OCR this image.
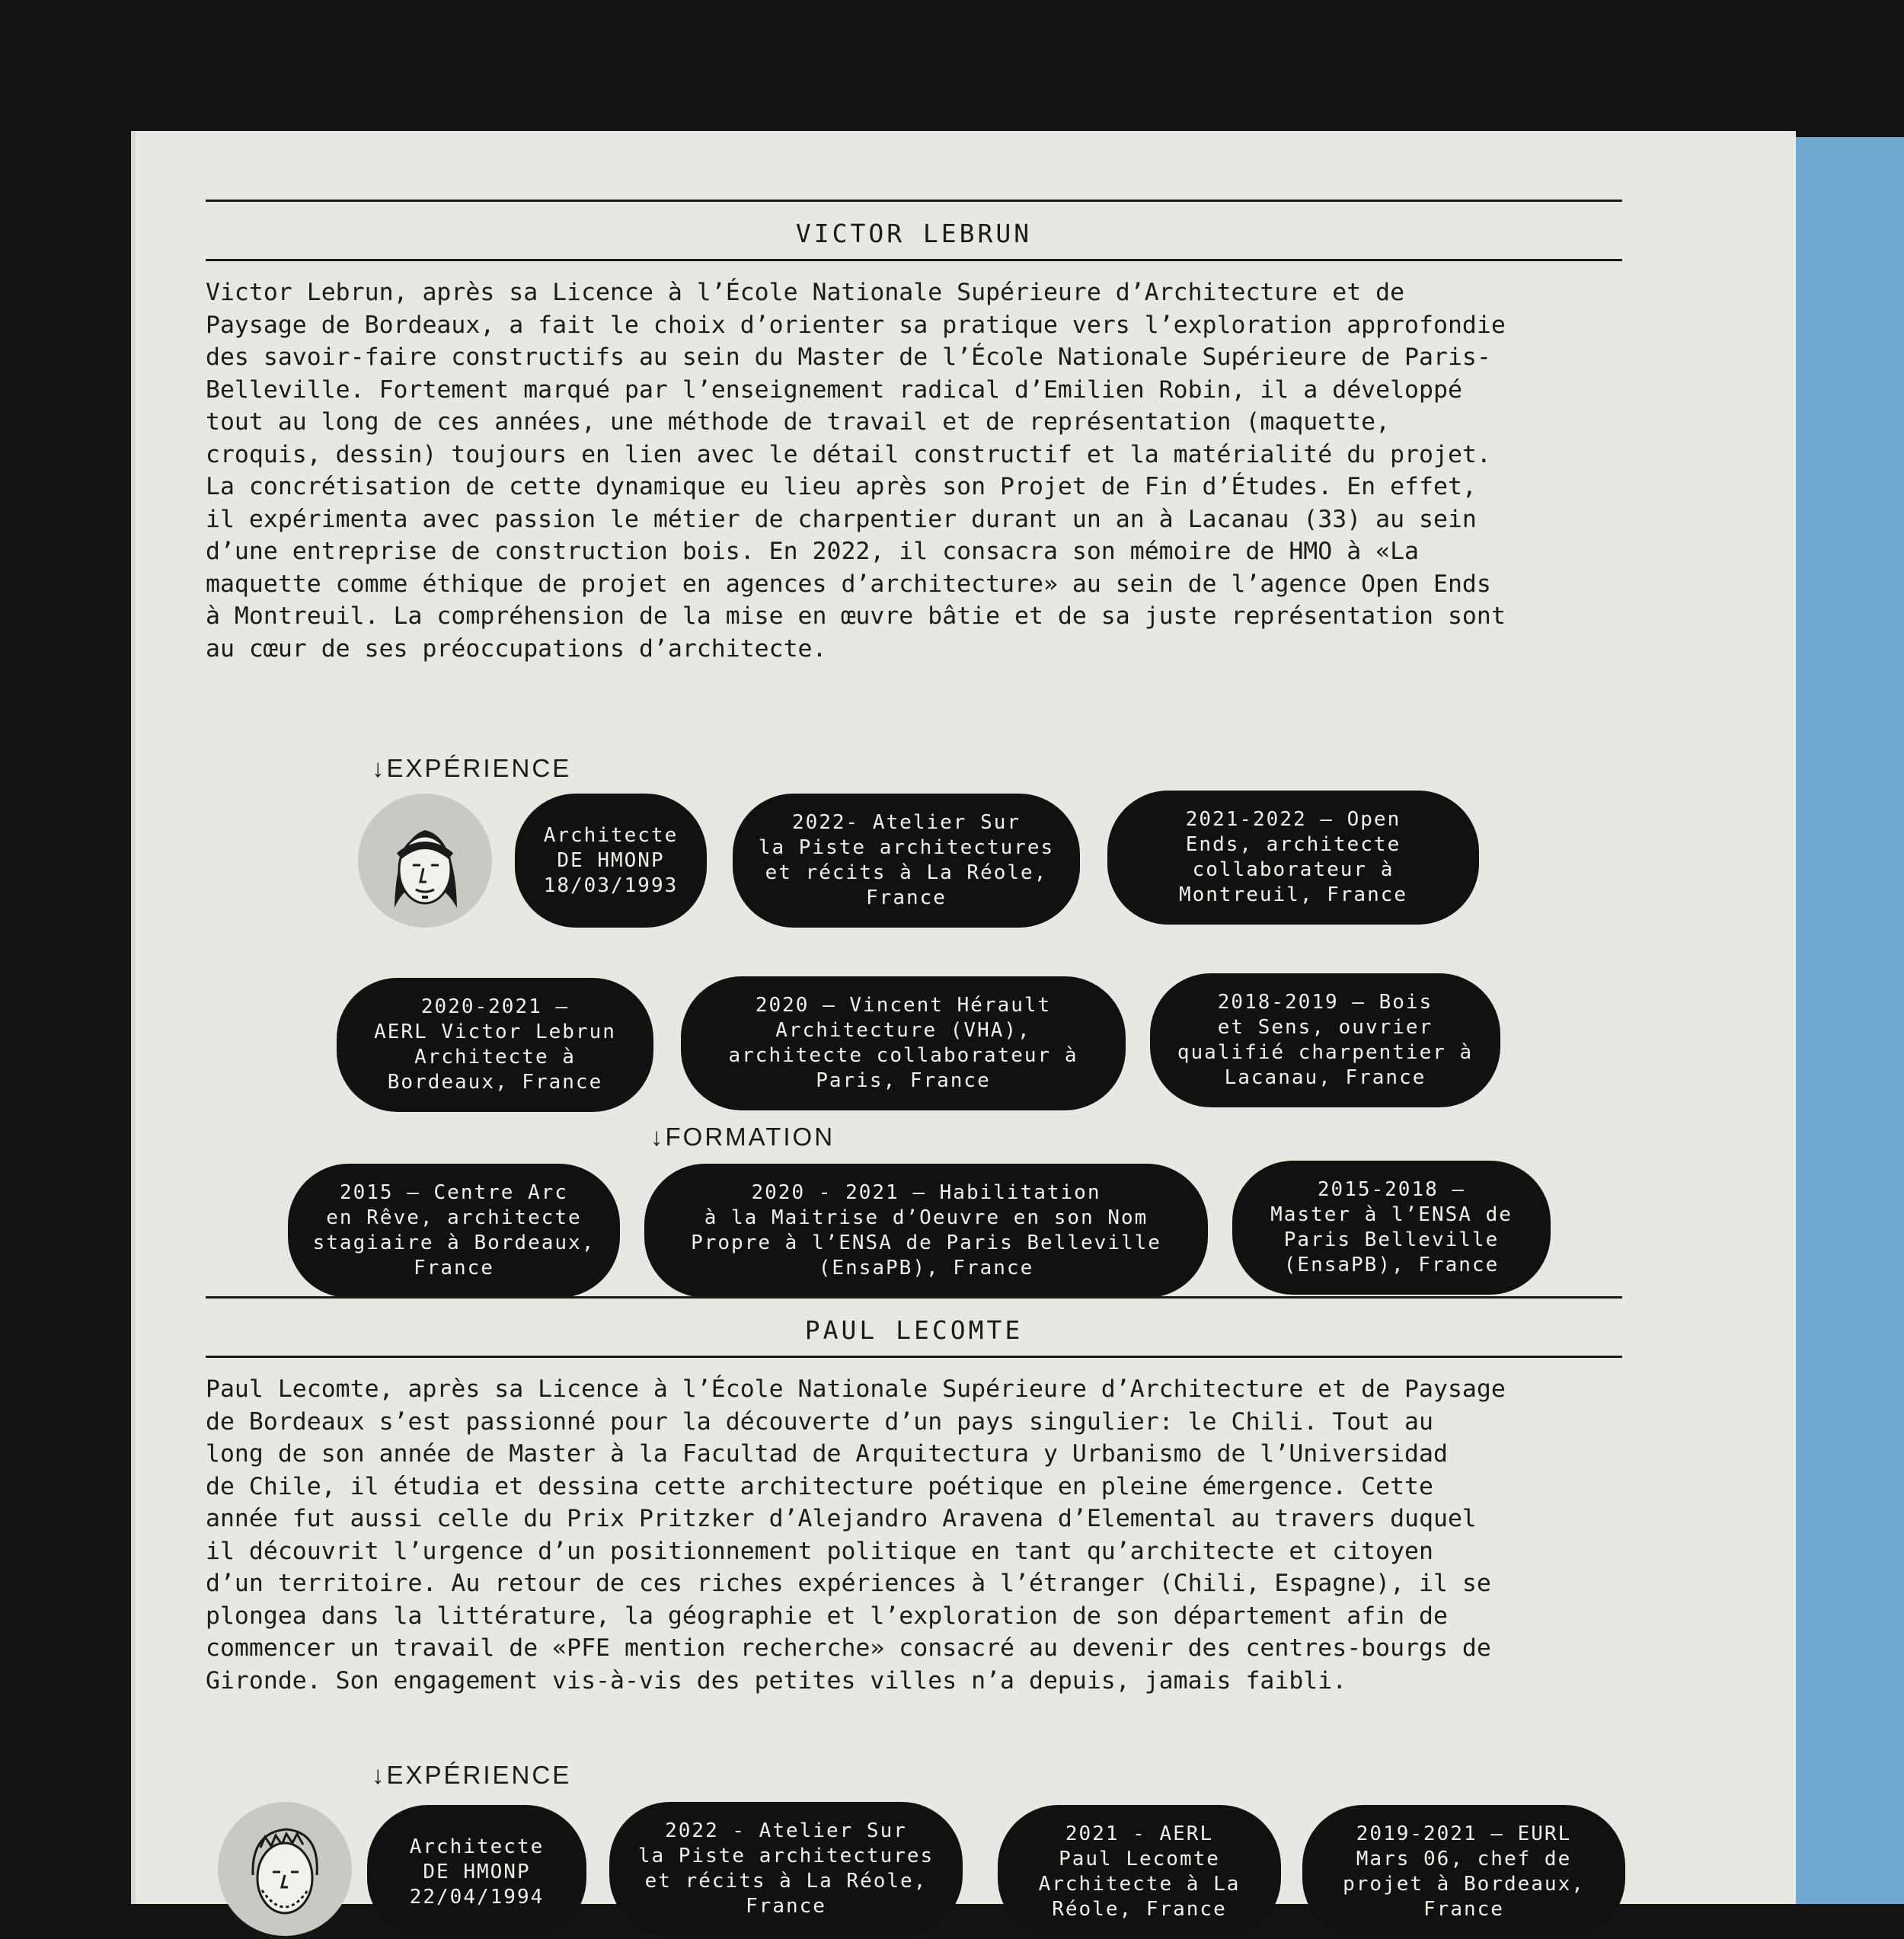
VICTOR LEBRUN
Victor Lebrun, après sa Licence à l’École Nationale Supérieure d’Architecture et de
Paysage de Bordeaux, a fait le choix d’orienter sa pratique vers l’exploration approfondie
des savoir-faire constructifs au sein du Master de l’École Nationale Supérieure de Paris-
Belleville. Fortement marqué par l’enseignement radical d’Emilien Robin, il a développé
tout au long de ces années, une méthode de travail et de représentation (maquette,
croquis, dessin) toujours en lien avec le détail constructif et la matérialité du projet.
La concrétisation de cette dynamique eu lieu après son Projet de Fin d’Études. En effet,
il expérimenta avec passion le métier de charpentier durant un an à Lacanau (33) au sein
d’une entreprise de construction bois. En 2022, il consacra son mémoire de HMO à «La
maquette comme éthique de projet en agences d’architecture» au sein de l’agence Open Ends
à Montreuil. La compréhension de la mise en œuvre bâtie et de sa juste représentation sont
au cœur de ses préoccupations d’architecte.
↓EXPÉRIENCE
Architecte
DE HMONP
18/03/1993
2022- Atelier Sur
la Piste architectures
et récits à La Réole,
France
2021-2022 – Open
Ends, architecte
collaborateur à
Montreuil, France
2020-2021 –
AERL Victor Lebrun
Architecte à
Bordeaux, France
2020 – Vincent Hérault
Architecture (VHA),
architecte collaborateur à
Paris, France
2018-2019 – Bois
et Sens, ouvrier
qualifié charpentier à
Lacanau, France
↓FORMATION
2015 – Centre Arc
en Rêve, architecte
stagiaire à Bordeaux,
France
2020 - 2021 – Habilitation
à la Maitrise d’Oeuvre en son Nom
Propre à l’ENSA de Paris Belleville
(EnsaPB), France
2015-2018 –
Master à l’ENSA de
Paris Belleville
(EnsaPB), France
PAUL LECOMTE
Paul Lecomte, après sa Licence à l’École Nationale Supérieure d’Architecture et de Paysage
de Bordeaux s’est passionné pour la découverte d’un pays singulier: le Chili. Tout au
long de son année de Master à la Facultad de Arquitectura y Urbanismo de l’Universidad
de Chile, il étudia et dessina cette architecture poétique en pleine émergence. Cette
année fut aussi celle du Prix Pritzker d’Alejandro Aravena d’Elemental au travers duquel
il découvrit l’urgence d’un positionnement politique en tant qu’architecte et citoyen
d’un territoire. Au retour de ces riches expériences à l’étranger (Chili, Espagne), il se
plongea dans la littérature, la géographie et l’exploration de son département afin de
commencer un travail de «PFE mention recherche» consacré au devenir des centres-bourgs de
Gironde. Son engagement vis-à-vis des petites villes n’a depuis, jamais faibli.
↓EXPÉRIENCE
Architecte
DE HMONP
22/04/1994
2022 - Atelier Sur
la Piste architectures
et récits à La Réole,
France
2021 - AERL
Paul Lecomte
Architecte à La
Réole, France
2019-2021 – EURL
Mars 06, chef de
projet à Bordeaux,
France
